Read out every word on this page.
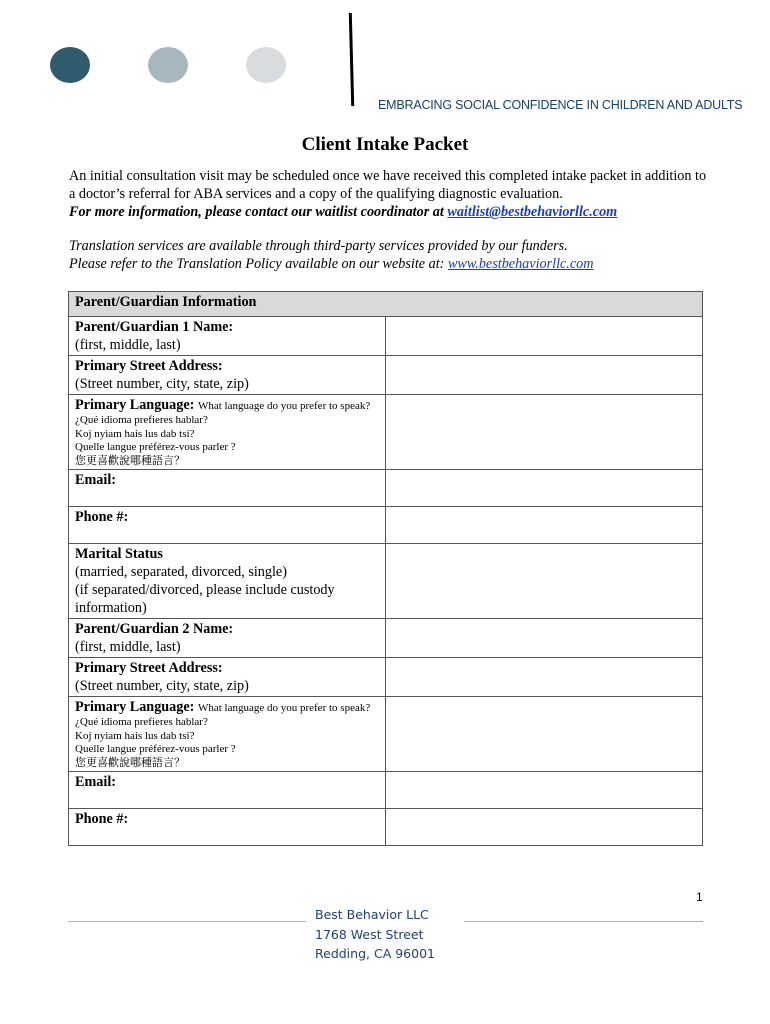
EMBRACING SOCIAL CONFIDENCE IN CHILDREN AND ADULTS
Client Intake Packet
An initial consultation visit may be scheduled once we have received this completed intake packet in addition to a doctor’s referral for ABA services and a copy of the qualifying diagnostic evaluation.
For more information, please contact our waitlist coordinator at waitlist@bestbehaviorllc.com
Translation services are available through third-party services provided by our funders.
Please refer to the Translation Policy available on our website at: www.bestbehaviorllc.com
Parent/Guardian Information	
Parent/Guardian 1 Name:
(first, middle, last)	
Primary Street Address:
(Street number, city, state, zip)	
Primary Language: What language do you prefer to speak?

¿Qué idioma prefieres hablar?
Koj nyiam hais lus dab tsi?
Quelle langue préférez-vous parler ?
您更喜歡說哪種語言？	

Email:	
Phone #:	
Marital Status
(married, separated, divorced, single)
(if separated/divorced, please include custody information)	
Parent/Guardian 2 Name:
(first, middle, last)	
Primary Street Address:
(Street number, city, state, zip)	
Primary Language: What language do you prefer to speak?

¿Qué idioma prefieres hablar?
Koj nyiam hais lus dab tsi?
Quelle langue préférez-vous parler ?
您更喜歡說哪種語言？	

Email:	
Phone #:	
1
Best Behavior LLC
1768 West Street
Redding, CA 96001
